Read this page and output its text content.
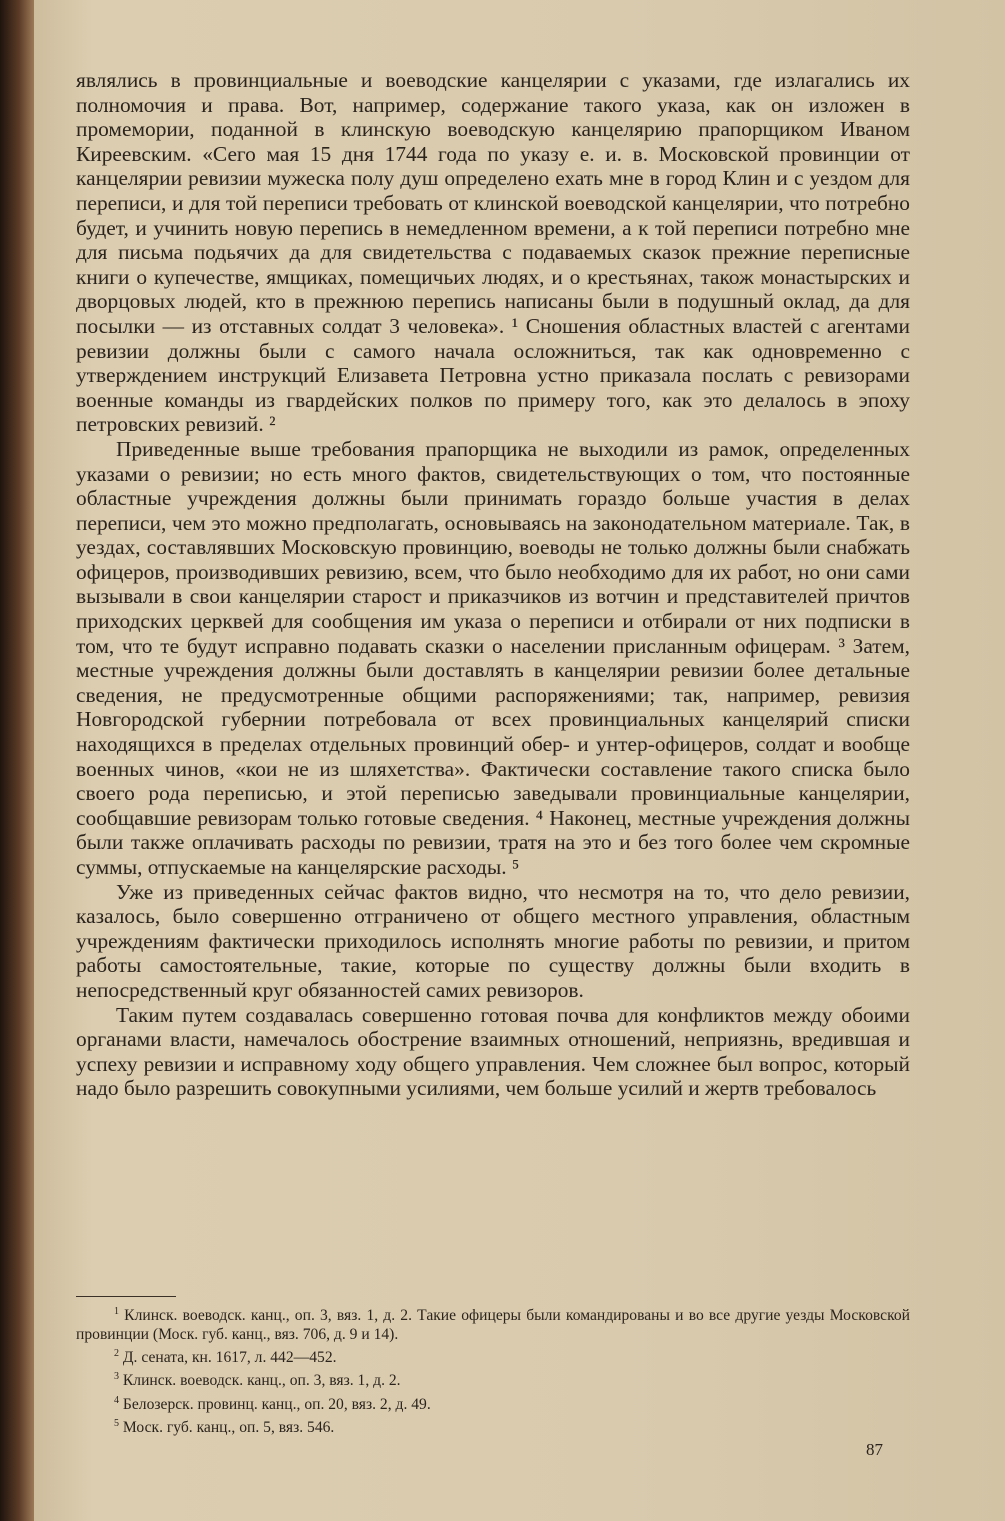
являлись в провинциальные и воеводские канцелярии с указами, где излагались их полномочия и права. Вот, например, содержание такого указа, как он изложен в промемории, поданной в клинскую воеводскую канцелярию прапорщиком Иваном Киреевским. «Сего мая 15 дня 1744 года по указу е. и. в. Московской провинции от канцелярии ревизии мужеска полу душ определено ехать мне в город Клин и с уездом для переписи, и для той переписи требовать от клинской воеводской канцелярии, что потребно будет, и учинить новую перепись в немедленном времени, а к той переписи потребно мне для письма подьячих да для свидетельства с подаваемых сказок прежние переписные книги о купечестве, ямщиках, помещичьих людях, и о крестьянах, також монастырских и дворцовых людей, кто в прежнюю перепись написаны были в подушный оклад, да для посылки — из отставных солдат 3 человека». ¹ Сношения областных властей с агентами ревизии должны были с самого начала осложниться, так как одновременно с утверждением инструкций Елизавета Петровна устно приказала послать с ревизорами военные команды из гвардейских полков по примеру того, как это делалось в эпоху петровских ревизий. ²

Приведенные выше требования прапорщика не выходили из рамок, определенных указами о ревизии; но есть много фактов, свидетельствующих о том, что постоянные областные учреждения должны были принимать гораздо больше участия в делах переписи, чем это можно предполагать, основываясь на законодательном материале. Так, в уездах, составлявших Московскую провинцию, воеводы не только должны были снабжать офицеров, производивших ревизию, всем, что было необходимо для их работ, но они сами вызывали в свои канцелярии старост и приказчиков из вотчин и представителей причтов приходских церквей для сообщения им указа о переписи и отбирали от них подписки в том, что те будут исправно подавать сказки о населении присланным офицерам. ³ Затем, местные учреждения должны были доставлять в канцелярии ревизии более детальные сведения, не предусмотренные общими распоряжениями; так, например, ревизия Новгородской губернии потребовала от всех провинциальных канцелярий списки находящихся в пределах отдельных провинций обер- и унтер-офицеров, солдат и вообще военных чинов, «кои не из шляхетства». Фактически составление такого списка было своего рода переписью, и этой переписью заведывали провинциальные канцелярии, сообщавшие ревизорам только готовые сведения. ⁴ Наконец, местные учреждения должны были также оплачивать расходы по ревизии, тратя на это и без того более чем скромные суммы, отпускаемые на канцелярские расходы. ⁵

Уже из приведенных сейчас фактов видно, что несмотря на то, что дело ревизии, казалось, было совершенно отграничено от общего местного управления, областным учреждениям фактически приходилось исполнять многие работы по ревизии, и притом работы самостоятельные, такие, которые по существу должны были входить в непосредственный круг обязанностей самих ревизоров.

Таким путем создавалась совершенно готовая почва для конфликтов между обоими органами власти, намечалось обострение взаимных отношений, неприязнь, вредившая и успеху ревизии и исправному ходу общего управления. Чем сложнее был вопрос, который надо было разрешить совокупными усилиями, чем больше усилий и жертв требовалось

$^1$ Клинск. воеводск. канц., оп. 3, вяз. 1, д. 2. Такие офицеры были командированы и во все другие уезды Московской провинции (Моск. губ. канц., вяз. 706, д. 9 и 14).

$^2$ Д. сената, кн. 1617, л. 442—452.

$^3$ Клинск. воеводск. канц., оп. 3, вяз. 1, д. 2.

$^4$ Белозерск. провинц. канц., оп. 20, вяз. 2, д. 49.

$^5$ Моск. губ. канц., оп. 5, вяз. 546.

87
